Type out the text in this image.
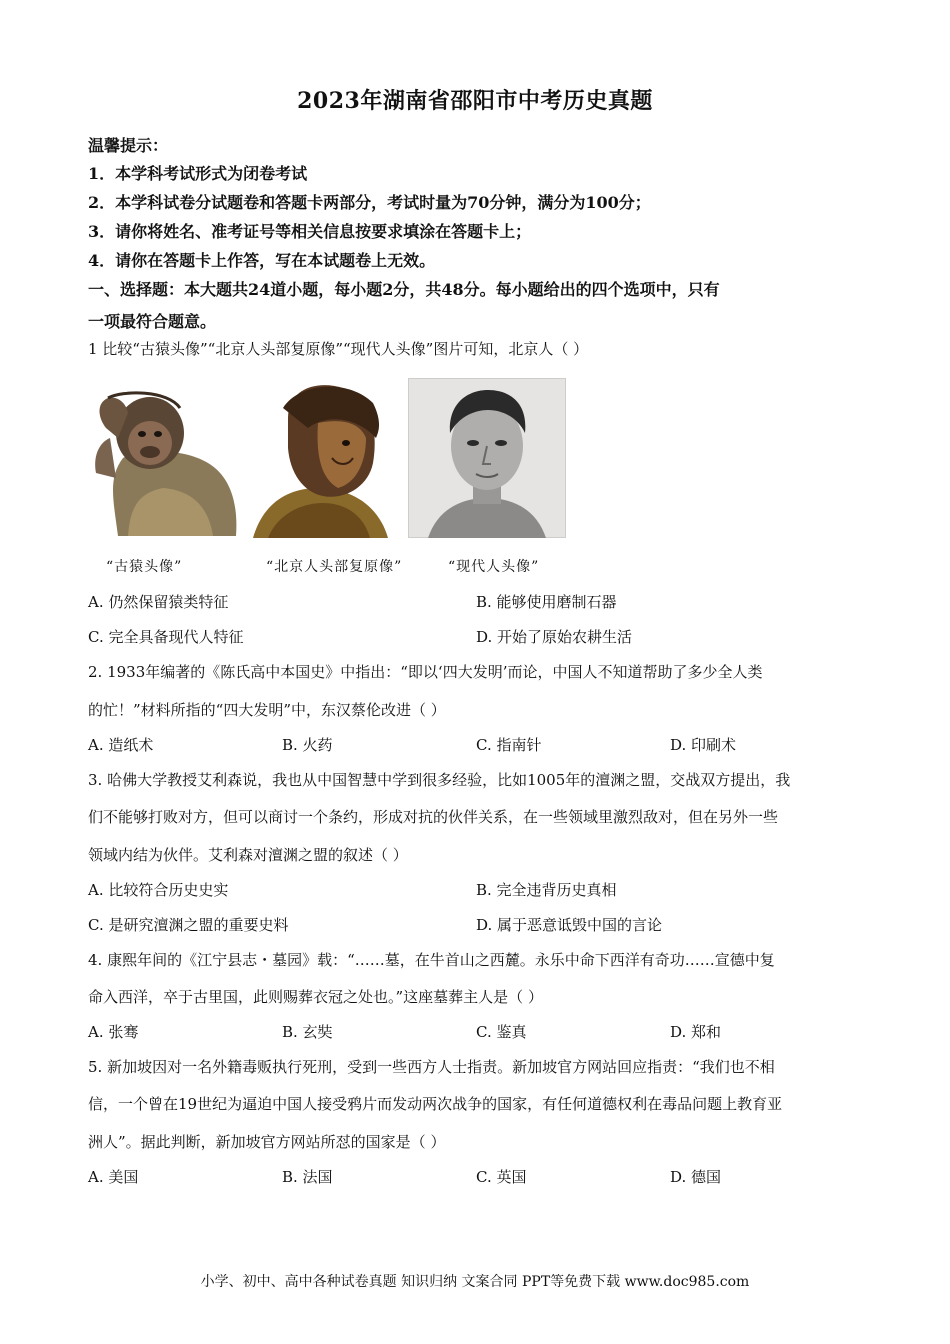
2023年湖南省邵阳市中考历史真题
温馨提示：
1．本学科考试形式为闭卷考试
2．本学科试卷分试题卷和答题卡两部分，考试时量为70分钟，满分为100分；
3．请你将姓名、准考证号等相关信息按要求填涂在答题卡上；
4．请你在答题卡上作答，写在本试题卷上无效。
一、选择题：本大题共24道小题，每小题2分，共48分。每小题给出的四个选项中，只有
一项最符合题意。
1 比较“古猿头像”“北京人头部复原像”“现代人头像”图片可知，北京人（ ）
“古猿头像”	“北京人头部复原像”	“现代人头像”
A. 仍然保留猿类特征	B. 能够使用磨制石器
C. 完全具备现代人特征	D. 开始了原始农耕生活
2. 1933年编著的《陈氏高中本国史》中指出：“即以‘四大发明’而论，中国人不知道帮助了多少全人类
的忙！”材料所指的“四大发明”中，东汉蔡伦改进（ ）
A. 造纸术	B. 火药	C. 指南针	D. 印刷术
3. 哈佛大学教授艾利森说，我也从中国智慧中学到很多经验，比如1005年的澶渊之盟，交战双方提出，我
们不能够打败对方，但可以商讨一个条约，形成对抗的伙伴关系，在一些领域里激烈敌对，但在另外一些
领域内结为伙伴。艾利森对澶渊之盟的叙述（ ）
A. 比较符合历史史实	B. 完全违背历史真相
C. 是研究澶渊之盟的重要史料	D. 属于恶意诋毁中国的言论
4. 康熙年间的《江宁县志・墓园》载：“……墓，在牛首山之西麓。永乐中命下西洋有奇功……宣德中复
命入西洋，卒于古里国，此则赐葬衣冠之处也。”这座墓葬主人是（ ）
A. 张骞	B. 玄奘	C. 鉴真	D. 郑和
5. 新加坡因对一名外籍毒贩执行死刑，受到一些西方人士指责。新加坡官方网站回应指责：“我们也不相
信，一个曾在19世纪为逼迫中国人接受鸦片而发动两次战争的国家，有任何道德权利在毒品问题上教育亚
洲人”。据此判断，新加坡官方网站所怼的国家是（ ）
A. 美国	B. 法国	C. 英国	D. 德国
小学、初中、高中各种试卷真题 知识归纳 文案合同 PPT等免费下载 www.doc985.com
